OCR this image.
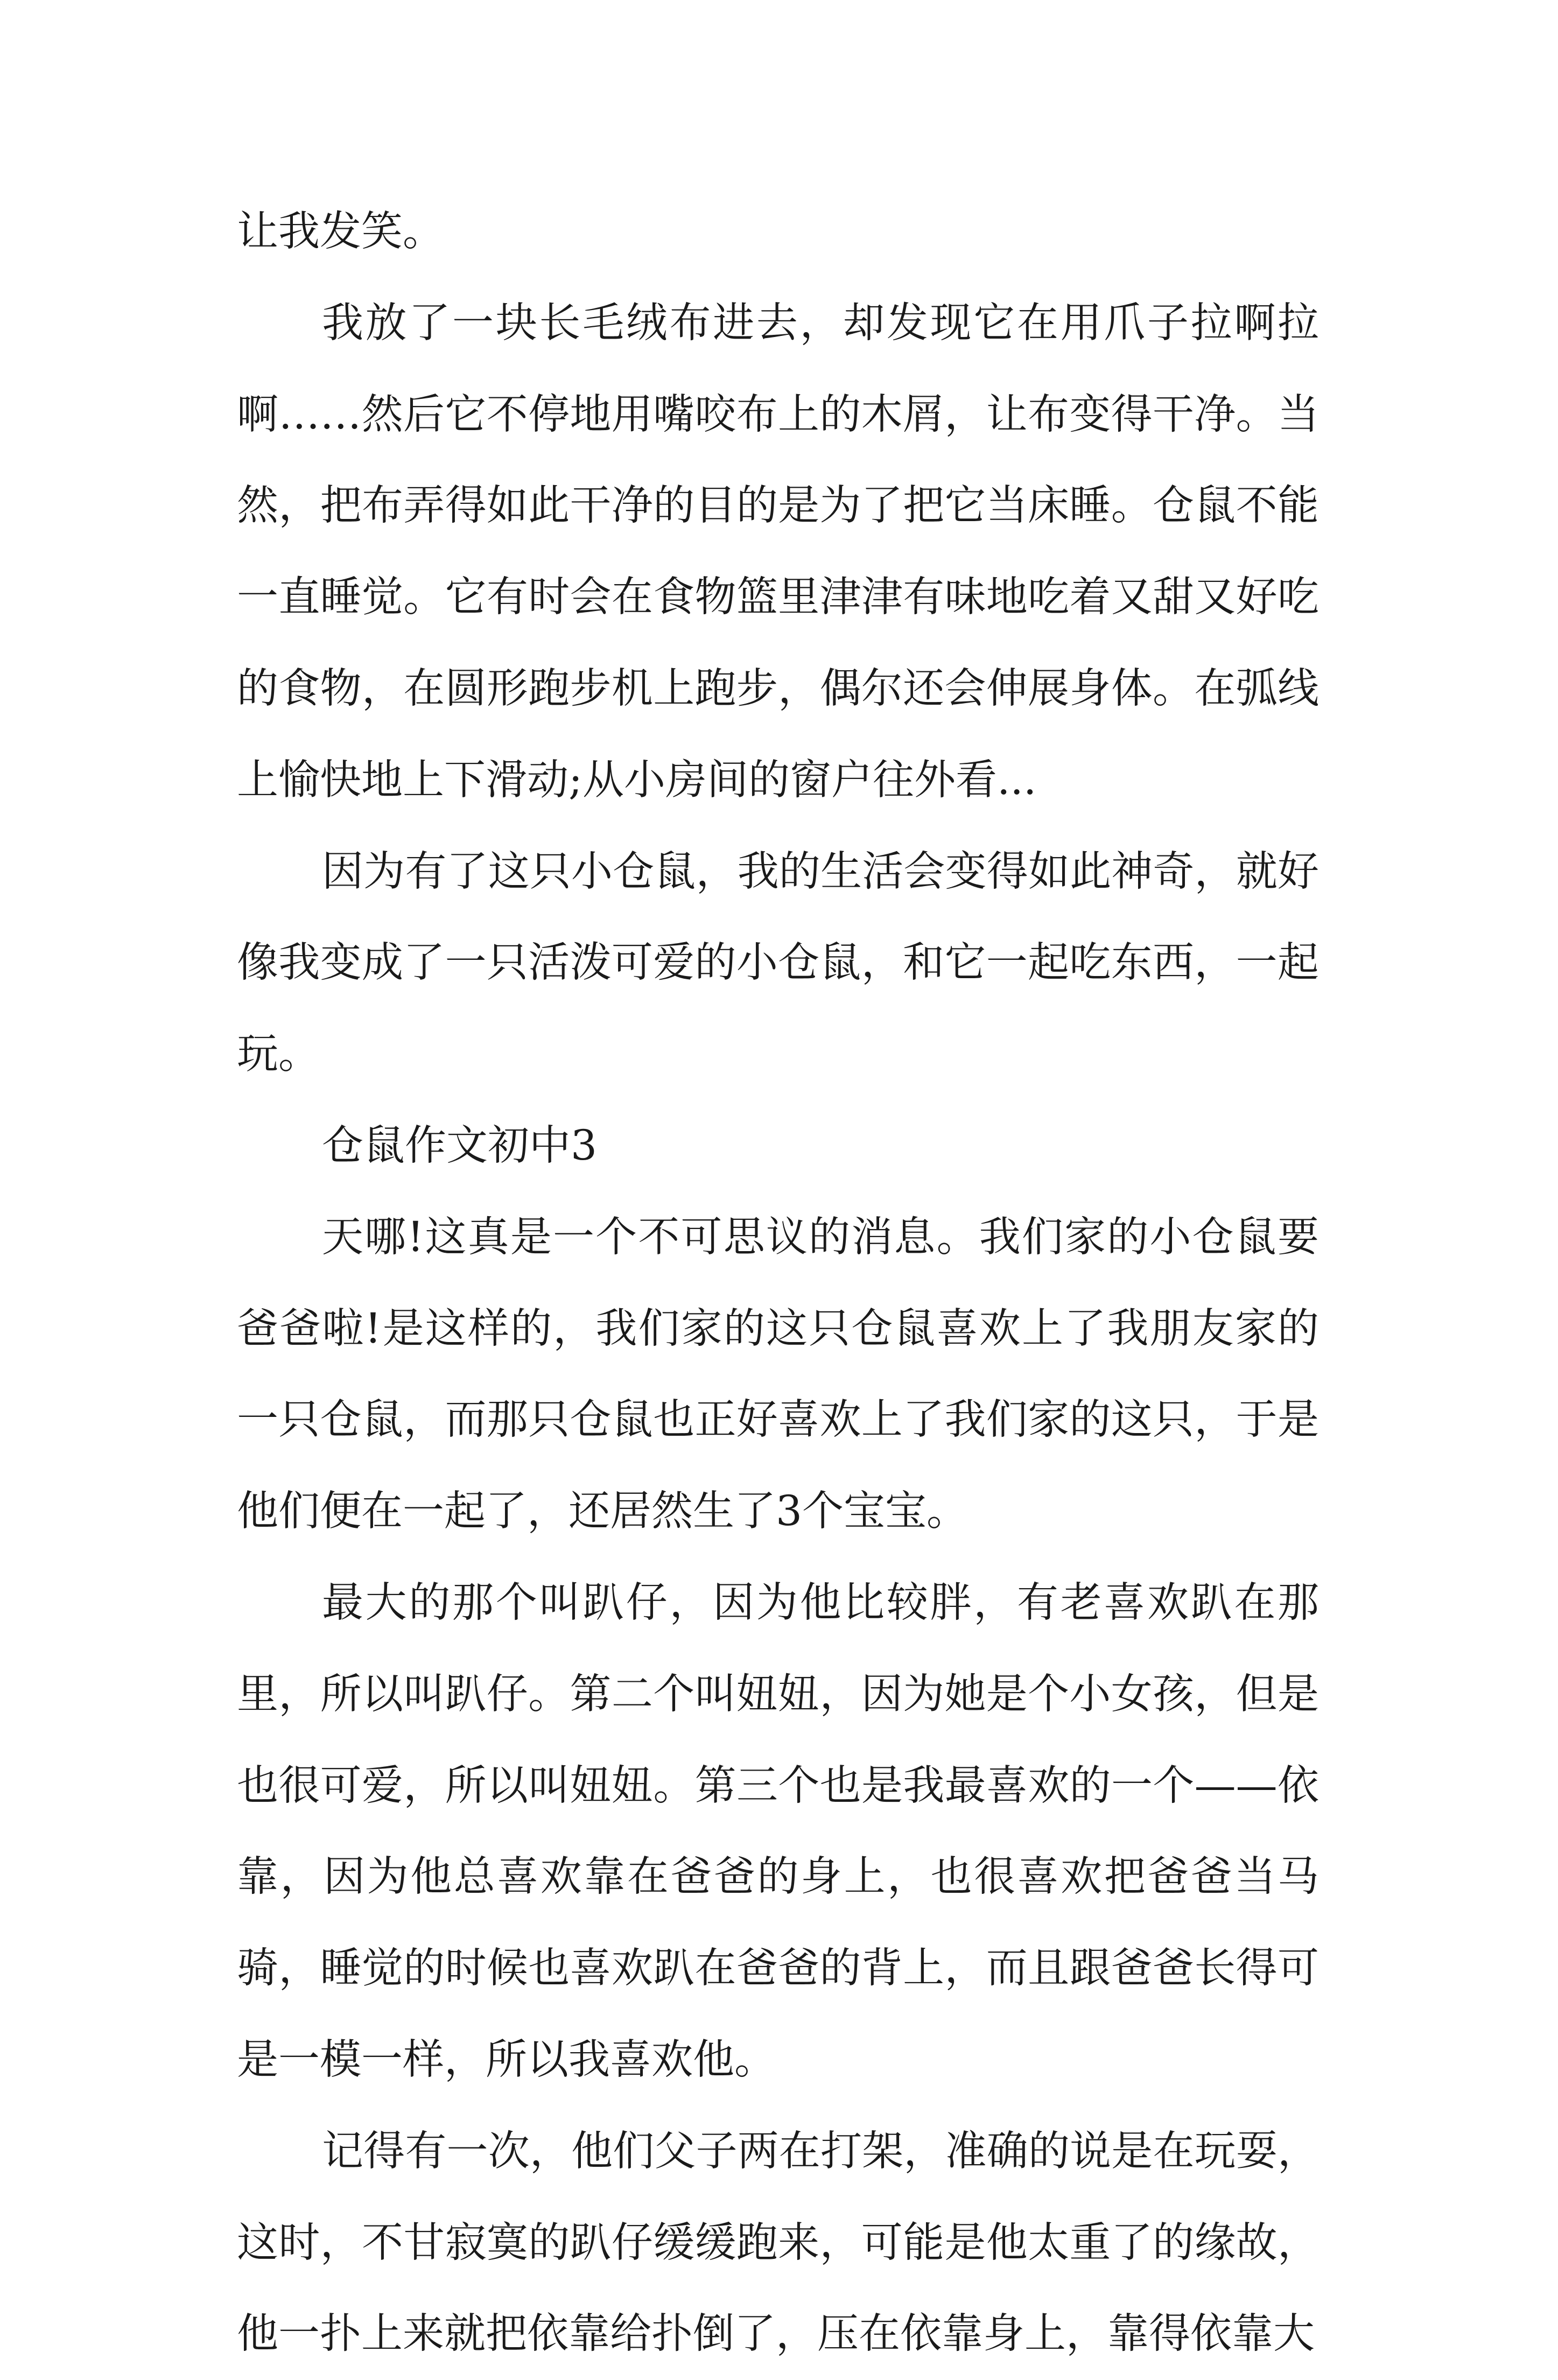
让我发笑。

我放了一块长毛绒布进去，却发现它在用爪子拉啊拉啊……然后它不停地用嘴咬布上的木屑，让布变得干净。当然，把布弄得如此干净的目的是为了把它当床睡。仓鼠不能一直睡觉。它有时会在食物篮里津津有味地吃着又甜又好吃的食物，在圆形跑步机上跑步，偶尔还会伸展身体。在弧线上愉快地上下滑动;从小房间的窗户往外看...

因为有了这只小仓鼠，我的生活会变得如此神奇，就好像我变成了一只活泼可爱的小仓鼠，和它一起吃东西，一起玩。

仓鼠作文初中3

天哪!这真是一个不可思议的消息。我们家的小仓鼠要爸爸啦!是这样的，我们家的这只仓鼠喜欢上了我朋友家的一只仓鼠，而那只仓鼠也正好喜欢上了我们家的这只，于是他们便在一起了，还居然生了3个宝宝。

最大的那个叫趴仔，因为他比较胖，有老喜欢趴在那里，所以叫趴仔。第二个叫妞妞，因为她是个小女孩，但是也很可爱，所以叫妞妞。第三个也是我最喜欢的一个——依靠，因为他总喜欢靠在爸爸的身上，也很喜欢把爸爸当马骑，睡觉的时候也喜欢趴在爸爸的背上，而且跟爸爸长得可是一模一样，所以我喜欢他。

记得有一次，他们父子两在打架，准确的说是在玩耍，这时，不甘寂寞的趴仔缓缓跑来，可能是他太重了的缘故，他一扑上来就把依靠给扑倒了，压在依靠身上，靠得依靠大
